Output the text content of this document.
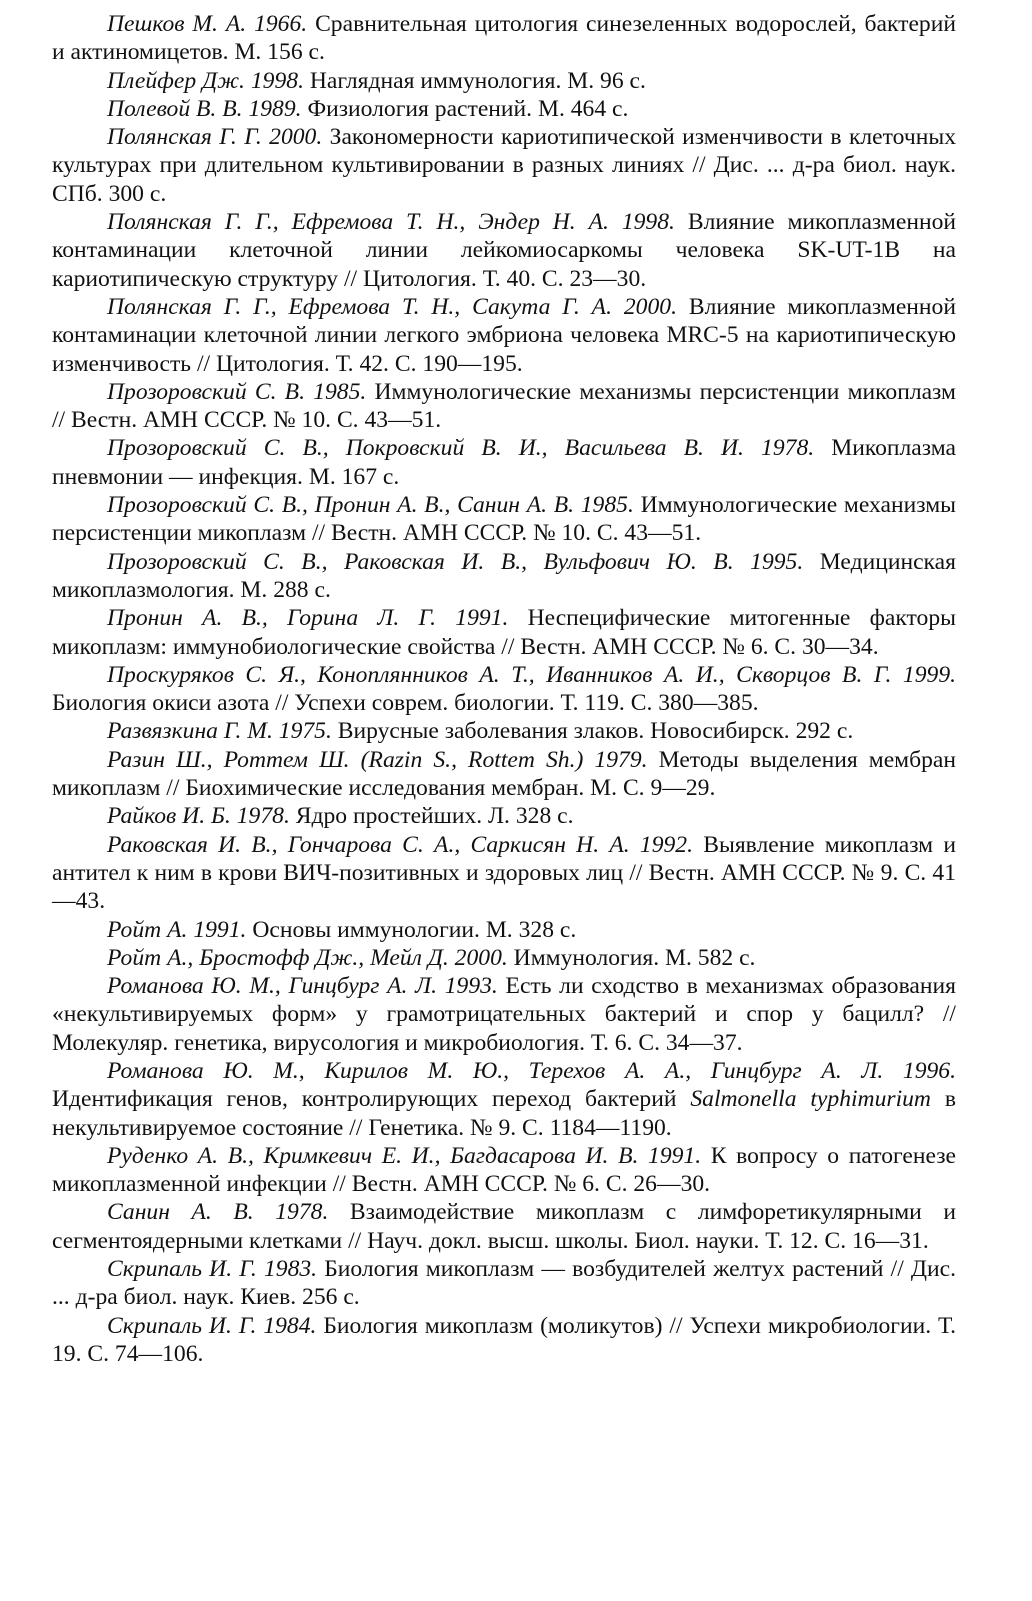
Пешков М. А. 1966. Сравнительная цитология синезеленных водорослей, бактерий и актиномицетов. М. 156 с.
Плейфер Дж. 1998. Наглядная иммунология. М. 96 с.
Полевой В. В. 1989. Физиология растений. М. 464 с.
Полянская Г. Г. 2000. Закономерности кариотипической изменчивости в клеточных культурах при длительном культивировании в разных линиях // Дис. ... д-ра биол. наук. СПб. 300 с.
Полянская Г. Г., Ефремова Т. Н., Эндер Н. А. 1998. Влияние микоплазменной контаминации клеточной линии лейкомиосаркомы человека SK-UT-1B на кариотипическую структуру // Цитология. Т. 40. С. 23—30.
Полянская Г. Г., Ефремова Т. Н., Сакута Г. А. 2000. Влияние микоплазменной контаминации клеточной линии легкого эмбриона человека MRC-5 на кариотипическую изменчивость // Цитология. Т. 42. С. 190—195.
Прозоровский С. В. 1985. Иммунологические механизмы персистенции микоплазм // Вестн. АМН СССР. № 10. С. 43—51.
Прозоровский С. В., Покровский В. И., Васильева В. И. 1978. Микоплазма пневмонии — инфекция. М. 167 с.
Прозоровский С. В., Пронин А. В., Санин А. В. 1985. Иммунологические механизмы персистенции микоплазм // Вестн. АМН СССР. № 10. С. 43—51.
Прозоровский С. В., Раковская И. В., Вульфович Ю. В. 1995. Медицинская микоплазмология. М. 288 с.
Пронин А. В., Горина Л. Г. 1991. Неспецифические митогенные факторы микоплазм: иммунобиологические свойства // Вестн. АМН СССР. № 6. С. 30—34.
Проскуряков С. Я., Коноплянников А. Т., Иванников А. И., Скворцов В. Г. 1999. Биология окиси азота // Успехи соврем. биологии. Т. 119. С. 380—385.
Развязкина Г. М. 1975. Вирусные заболевания злаков. Новосибирск. 292 с.
Разин Ш., Роттем Ш. (Razin S., Rottem Sh.) 1979. Методы выделения мембран микоплазм // Биохимические исследования мембран. М. С. 9—29.
Райков И. Б. 1978. Ядро простейших. Л. 328 с.
Раковская И. В., Гончарова С. А., Саркисян Н. А. 1992. Выявление микоплазм и антител к ним в крови ВИЧ-позитивных и здоровых лиц // Вестн. АМН СССР. № 9. С. 41—43.
Ройт А. 1991. Основы иммунологии. М. 328 с.
Ройт А., Бростофф Дж., Мейл Д. 2000. Иммунология. М. 582 с.
Романова Ю. М., Гинцбург А. Л. 1993. Есть ли сходство в механизмах образования «некультивируемых форм» у грамотрицательных бактерий и спор у бацилл? // Молекуляр. генетика, вирусология и микробиология. Т. 6. С. 34—37.
Романова Ю. М., Кирилов М. Ю., Терехов А. А., Гинцбург А. Л. 1996. Идентификация генов, контролирующих переход бактерий Salmonella typhimurium в некультивируемое состояние // Генетика. № 9. С. 1184—1190.
Руденко А. В., Кримкевич Е. И., Багдасарова И. В. 1991. К вопросу о патогенезе микоплазменной инфекции // Вестн. АМН СССР. № 6. С. 26—30.
Санин А. В. 1978. Взаимодействие микоплазм с лимфоретикулярными и сегментоядерными клетками // Науч. докл. высш. школы. Биол. науки. Т. 12. С. 16—31.
Скрипаль И. Г. 1983. Биология микоплазм — возбудителей желтух растений // Дис. ... д-ра биол. наук. Киев. 256 с.
Скрипаль И. Г. 1984. Биология микоплазм (моликутов) // Успехи микробиологии. Т. 19. С. 74—106.
